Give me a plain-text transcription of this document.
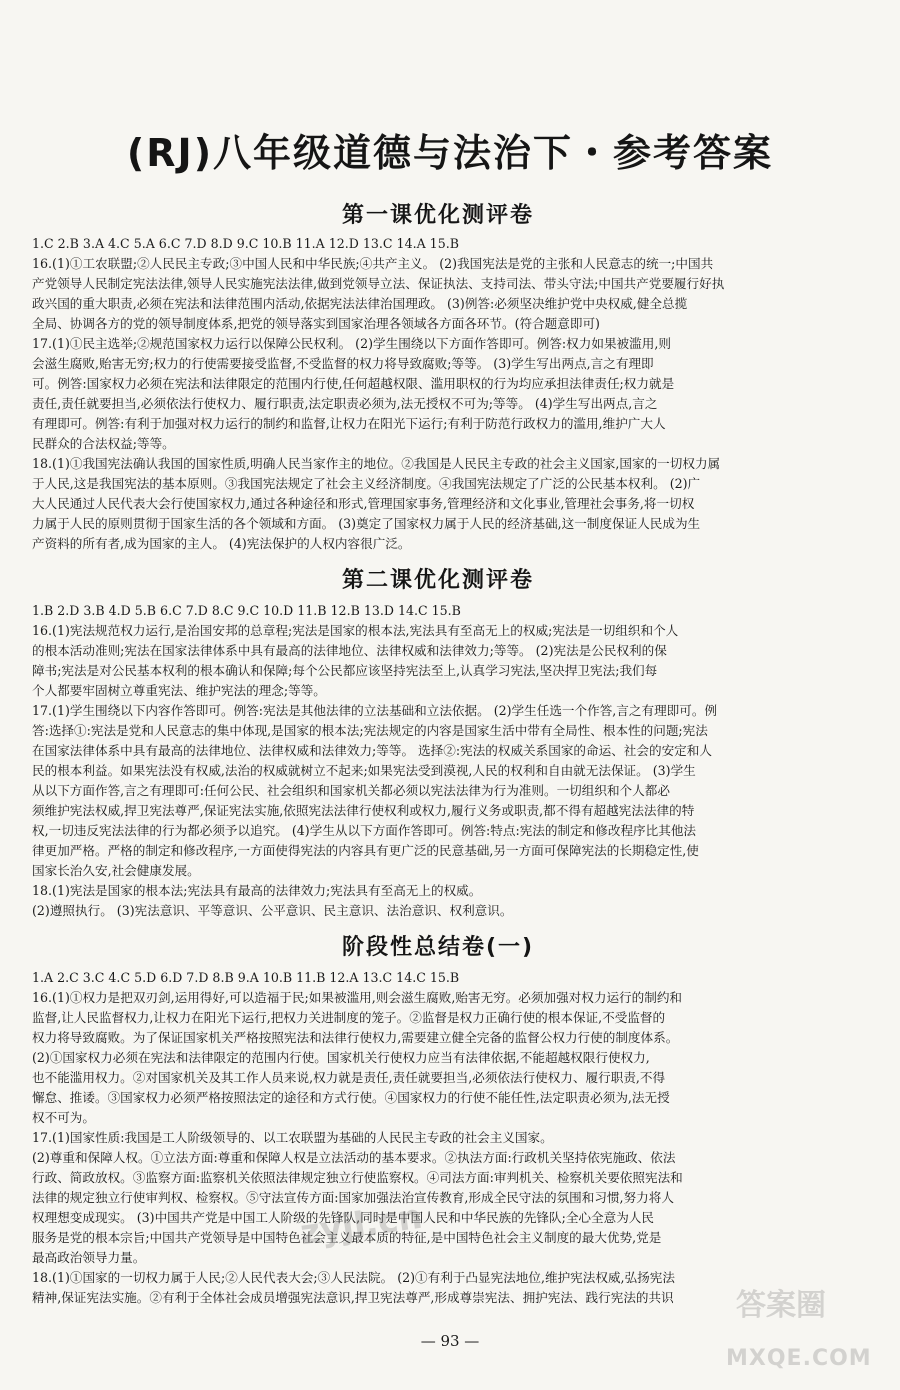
(RJ)八年级道德与法治下・参考答案
第一课优化测评卷
1.C 2.B 3.A 4.C 5.A 6.C 7.D 8.D 9.C 10.B 11.A 12.D 13.C 14.A 15.B
16.(1)①工农联盟;②人民民主专政;③中国人民和中华民族;④共产主义。 (2)我国宪法是党的主张和人民意志的统一;中国共
产党领导人民制定宪法法律,领导人民实施宪法法律,做到党领导立法、保证执法、支持司法、带头守法;中国共产党要履行好执
政兴国的重大职责,必须在宪法和法律范围内活动,依据宪法法律治国理政。 (3)例答:必须坚决维护党中央权威,健全总揽
全局、协调各方的党的领导制度体系,把党的领导落实到国家治理各领域各方面各环节。(符合题意即可)
17.(1)①民主选举;②规范国家权力运行以保障公民权利。 (2)学生围绕以下方面作答即可。例答:权力如果被滥用,则
会滋生腐败,贻害无穷;权力的行使需要接受监督,不受监督的权力将导致腐败;等等。 (3)学生写出两点,言之有理即
可。例答:国家权力必须在宪法和法律限定的范围内行使,任何超越权限、滥用职权的行为均应承担法律责任;权力就是
责任,责任就要担当,必须依法行使权力、履行职责,法定职责必须为,法无授权不可为;等等。 (4)学生写出两点,言之
有理即可。例答:有利于加强对权力运行的制约和监督,让权力在阳光下运行;有利于防范行政权力的滥用,维护广大人
民群众的合法权益;等等。
18.(1)①我国宪法确认我国的国家性质,明确人民当家作主的地位。②我国是人民民主专政的社会主义国家,国家的一切权力属
于人民,这是我国宪法的基本原则。③我国宪法规定了社会主义经济制度。④我国宪法规定了广泛的公民基本权利。 (2)广
大人民通过人民代表大会行使国家权力,通过各种途径和形式,管理国家事务,管理经济和文化事业,管理社会事务,将一切权
力属于人民的原则贯彻于国家生活的各个领域和方面。 (3)奠定了国家权力属于人民的经济基础,这一制度保证人民成为生
产资料的所有者,成为国家的主人。 (4)宪法保护的人权内容很广泛。
第二课优化测评卷
1.B 2.D 3.B 4.D 5.B 6.C 7.D 8.C 9.C 10.D 11.B 12.B 13.D 14.C 15.B
16.(1)宪法规范权力运行,是治国安邦的总章程;宪法是国家的根本法,宪法具有至高无上的权威;宪法是一切组织和个人
的根本活动准则;宪法在国家法律体系中具有最高的法律地位、法律权威和法律效力;等等。 (2)宪法是公民权利的保
障书;宪法是对公民基本权利的根本确认和保障;每个公民都应该坚持宪法至上,认真学习宪法,坚决捍卫宪法;我们每
个人都要牢固树立尊重宪法、维护宪法的理念;等等。
17.(1)学生围绕以下内容作答即可。例答:宪法是其他法律的立法基础和立法依据。 (2)学生任选一个作答,言之有理即可。例
答:选择①:宪法是党和人民意志的集中体现,是国家的根本法;宪法规定的内容是国家生活中带有全局性、根本性的问题;宪法
在国家法律体系中具有最高的法律地位、法律权威和法律效力;等等。 选择②:宪法的权威关系国家的命运、社会的安定和人
民的根本利益。如果宪法没有权威,法治的权威就树立不起来;如果宪法受到漠视,人民的权利和自由就无法保证。 (3)学生
从以下方面作答,言之有理即可:任何公民、社会组织和国家机关都必须以宪法法律为行为准则。一切组织和个人都必
须维护宪法权威,捍卫宪法尊严,保证宪法实施,依照宪法法律行使权利或权力,履行义务或职责,都不得有超越宪法法律的特
权,一切违反宪法法律的行为都必须予以追究。 (4)学生从以下方面作答即可。例答:特点:宪法的制定和修改程序比其他法
律更加严格。严格的制定和修改程序,一方面使得宪法的内容具有更广泛的民意基础,另一方面可保障宪法的长期稳定性,使
国家长治久安,社会健康发展。
18.(1)宪法是国家的根本法;宪法具有最高的法律效力;宪法具有至高无上的权威。
(2)遵照执行。 (3)宪法意识、平等意识、公平意识、民主意识、法治意识、权利意识。
阶段性总结卷(一)
1.A 2.C 3.C 4.C 5.D 6.D 7.D 8.B 9.A 10.B 11.B 12.A 13.C 14.C 15.B
16.(1)①权力是把双刃剑,运用得好,可以造福于民;如果被滥用,则会滋生腐败,贻害无穷。必须加强对权力运行的制约和
监督,让人民监督权力,让权力在阳光下运行,把权力关进制度的笼子。②监督是权力正确行使的根本保证,不受监督的
权力将导致腐败。为了保证国家机关严格按照宪法和法律行使权力,需要建立健全完备的监督公权力行使的制度体系。
(2)①国家权力必须在宪法和法律限定的范围内行使。国家机关行使权力应当有法律依据,不能超越权限行使权力,
也不能滥用权力。②对国家机关及其工作人员来说,权力就是责任,责任就要担当,必须依法行使权力、履行职责,不得
懈怠、推诿。③国家权力必须严格按照法定的途径和方式行使。④国家权力的行使不能任性,法定职责必须为,法无授
权不可为。
17.(1)国家性质:我国是工人阶级领导的、以工农联盟为基础的人民民主专政的社会主义国家。
(2)尊重和保障人权。①立法方面:尊重和保障人权是立法活动的基本要求。②执法方面:行政机关坚持依宪施政、依法
行政、简政放权。③监察方面:监察机关依照法律规定独立行使监察权。④司法方面:审判机关、检察机关要依照宪法和
法律的规定独立行使审判权、检察权。⑤守法宣传方面:国家加强法治宣传教育,形成全民守法的氛围和习惯,努力将人
权理想变成现实。 (3)中国共产党是中国工人阶级的先锋队,同时是中国人民和中华民族的先锋队;全心全意为人民
服务是党的根本宗旨;中国共产党领导是中国特色社会主义最本质的特征,是中国特色社会主义制度的最大优势,党是
最高政治领导力量。
18.(1)①国家的一切权力属于人民;②人民代表大会;③人民法院。 (2)①有利于凸显宪法地位,维护宪法权威,弘扬宪法
精神,保证宪法实施。②有利于全体社会成员增强宪法意识,捍卫宪法尊严,形成尊崇宪法、拥护宪法、践行宪法的共识
— 93 —
zyjl.cn
答案圈
MXQE.COM
